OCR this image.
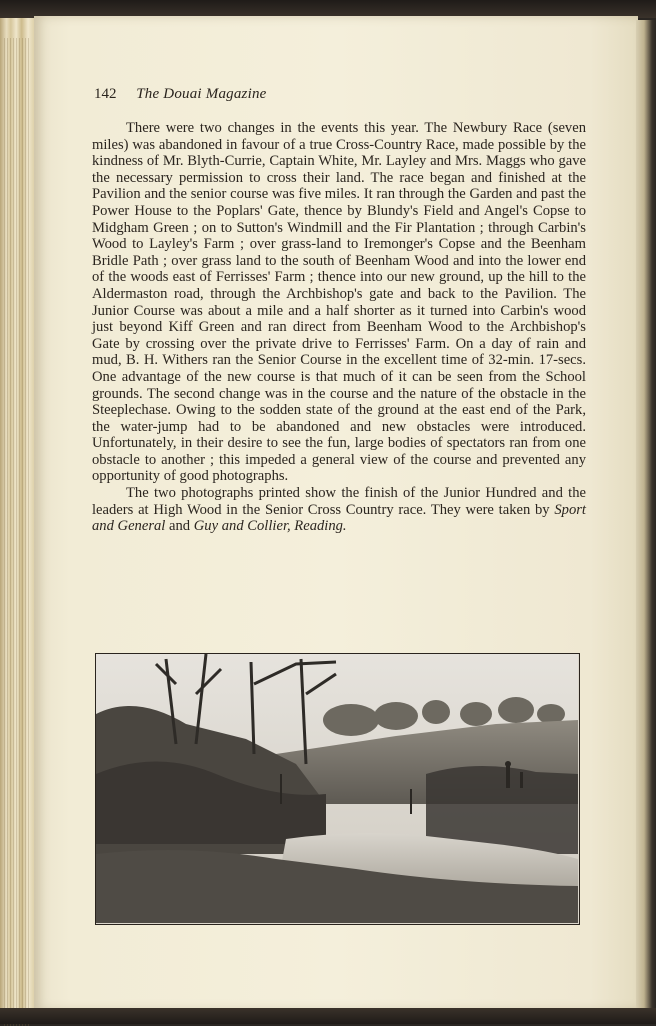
142 The Douai Magazine

There were two changes in the events this year. The Newbury Race (seven miles) was abandoned in favour of a true Cross-Country Race, made possible by the kindness of Mr. Blyth-Currie, Captain White, Mr. Layley and Mrs. Maggs who gave the necessary permission to cross their land. The race began and finished at the Pavilion and the senior course was five miles. It ran through the Garden and past the Power House to the Poplars' Gate, thence by Blundy's Field and Angel's Copse to Midgham Green ; on to Sutton's Windmill and the Fir Plantation ; through Carbin's Wood to Layley's Farm ; over grass-land to Iremonger's Copse and the Beenham Bridle Path ; over grass land to the south of Beenham Wood and into the lower end of the woods east of Ferrisses' Farm ; thence into our new ground, up the hill to the Aldermaston road, through the Archbishop's gate and back to the Pavilion. The Junior Course was about a mile and a half shorter as it turned into Carbin's wood just beyond Kiff Green and ran direct from Beenham Wood to the Archbishop's Gate by crossing over the private drive to Ferrisses' Farm. On a day of rain and mud, B. H. Withers ran the Senior Course in the excellent time of 32-min. 17-secs. One advantage of the new course is that much of it can be seen from the School grounds. The second change was in the course and the nature of the obstacle in the Steeplechase. Owing to the sodden state of the ground at the east end of the Park, the water-jump had to be abandoned and new obstacles were introduced. Unfortunately, in their desire to see the fun, large bodies of spectators ran from one obstacle to another ; this impeded a general view of the course and prevented any opportunity of good photographs.

The two photographs printed show the finish of the Junior Hundred and the leaders at High Wood in the Senior Cross Country race. They were taken by Sport and General and Guy and Collier, Reading.
